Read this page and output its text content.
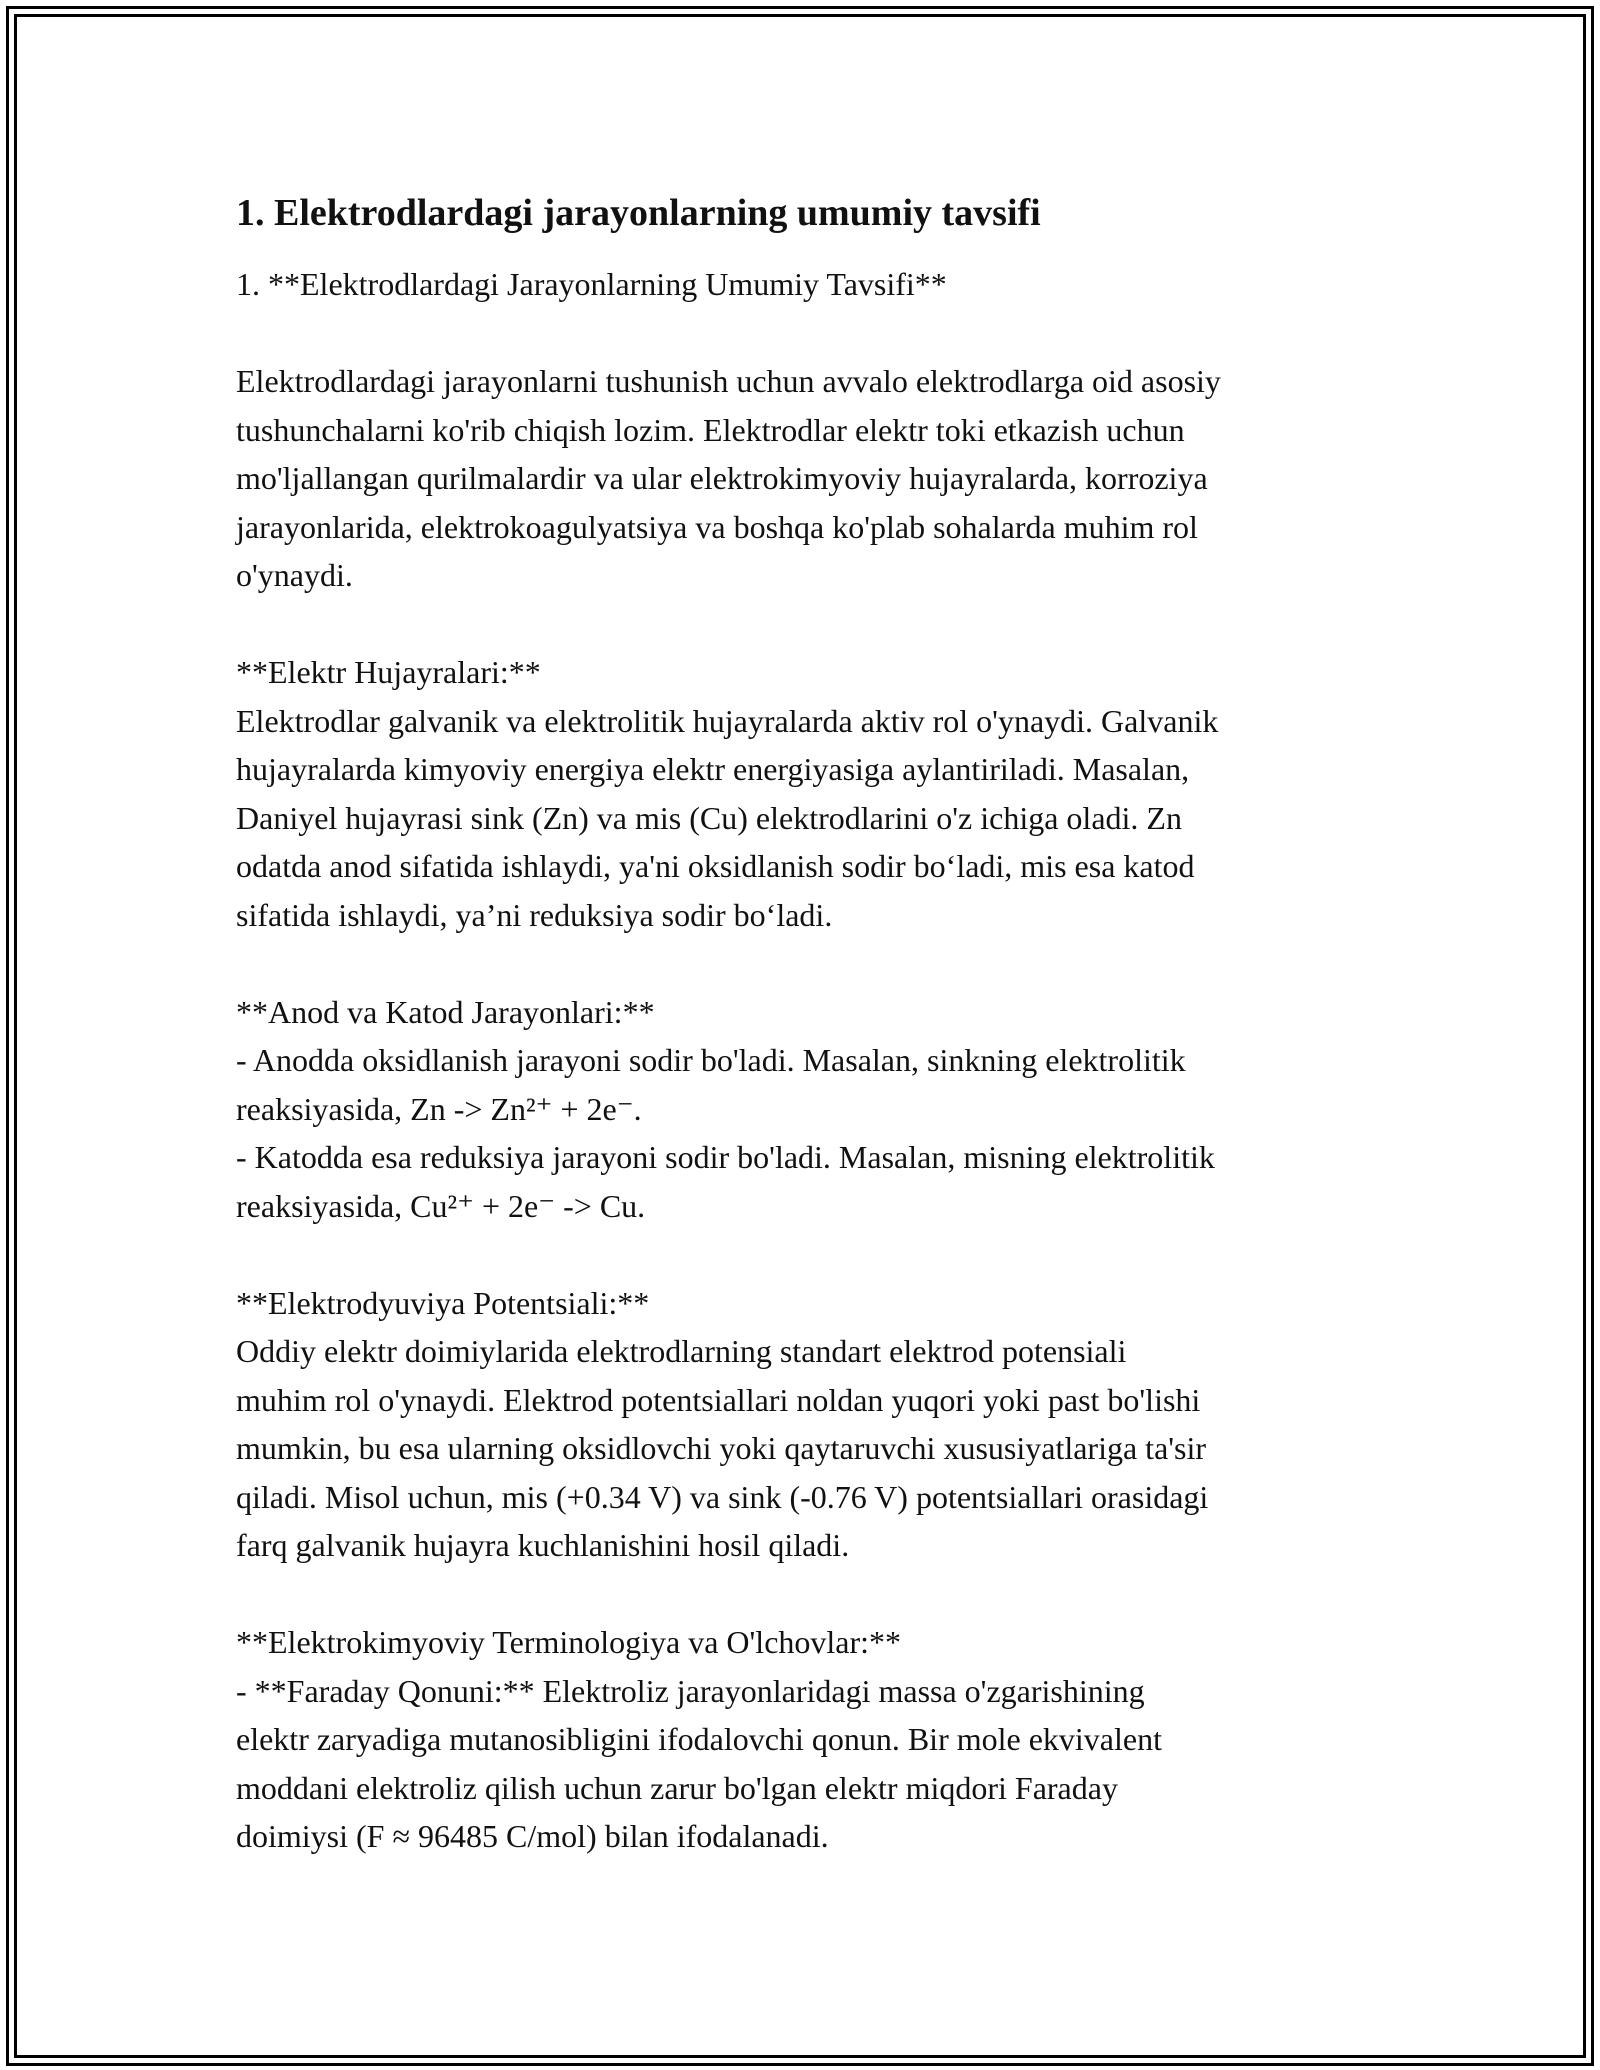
1. Elektrodlardagi jarayonlarning umumiy tavsifi
1. **Elektrodlardagi Jarayonlarning Umumiy Tavsifi**
Elektrodlardagi jarayonlarni tushunish uchun avvalo elektrodlarga oid asosiy
tushunchalarni ko'rib chiqish lozim. Elektrodlar elektr toki etkazish uchun
mo'ljallangan qurilmalardir va ular elektrokimyoviy hujayralarda, korroziya
jarayonlarida, elektrokoagulyatsiya va boshqa ko'plab sohalarda muhim rol
o'ynaydi.
**Elektr Hujayralari:**
Elektrodlar galvanik va elektrolitik hujayralarda aktiv rol o'ynaydi. Galvanik
hujayralarda kimyoviy energiya elektr energiyasiga aylantiriladi. Masalan,
Daniyel hujayrasi sink (Zn) va mis (Cu) elektrodlarini o'z ichiga oladi. Zn
odatda anod sifatida ishlaydi, ya'ni oksidlanish sodir bo‘ladi, mis esa katod
sifatida ishlaydi, ya’ni reduksiya sodir bo‘ladi.
**Anod va Katod Jarayonlari:**
- Anodda oksidlanish jarayoni sodir bo'ladi. Masalan, sinkning elektrolitik
reaksiyasida, Zn -> Zn²⁺ + 2e⁻.
- Katodda esa reduksiya jarayoni sodir bo'ladi. Masalan, misning elektrolitik
reaksiyasida, Cu²⁺ + 2e⁻ -> Cu.
**Elektrodyuviya Potentsiali:**
Oddiy elektr doimiylarida elektrodlarning standart elektrod potensiali
muhim rol o'ynaydi. Elektrod potentsiallari noldan yuqori yoki past bo'lishi
mumkin, bu esa ularning oksidlovchi yoki qaytaruvchi xususiyatlariga ta'sir
qiladi. Misol uchun, mis (+0.34 V) va sink (-0.76 V) potentsiallari orasidagi
farq galvanik hujayra kuchlanishini hosil qiladi.
**Elektrokimyoviy Terminologiya va O'lchovlar:**
- **Faraday Qonuni:** Elektroliz jarayonlaridagi massa o'zgarishining
elektr zaryadiga mutanosibligini ifodalovchi qonun. Bir mole ekvivalent
moddani elektroliz qilish uchun zarur bo'lgan elektr miqdori Faraday
doimiysi (F ≈ 96485 C/mol) bilan ifodalanadi.
